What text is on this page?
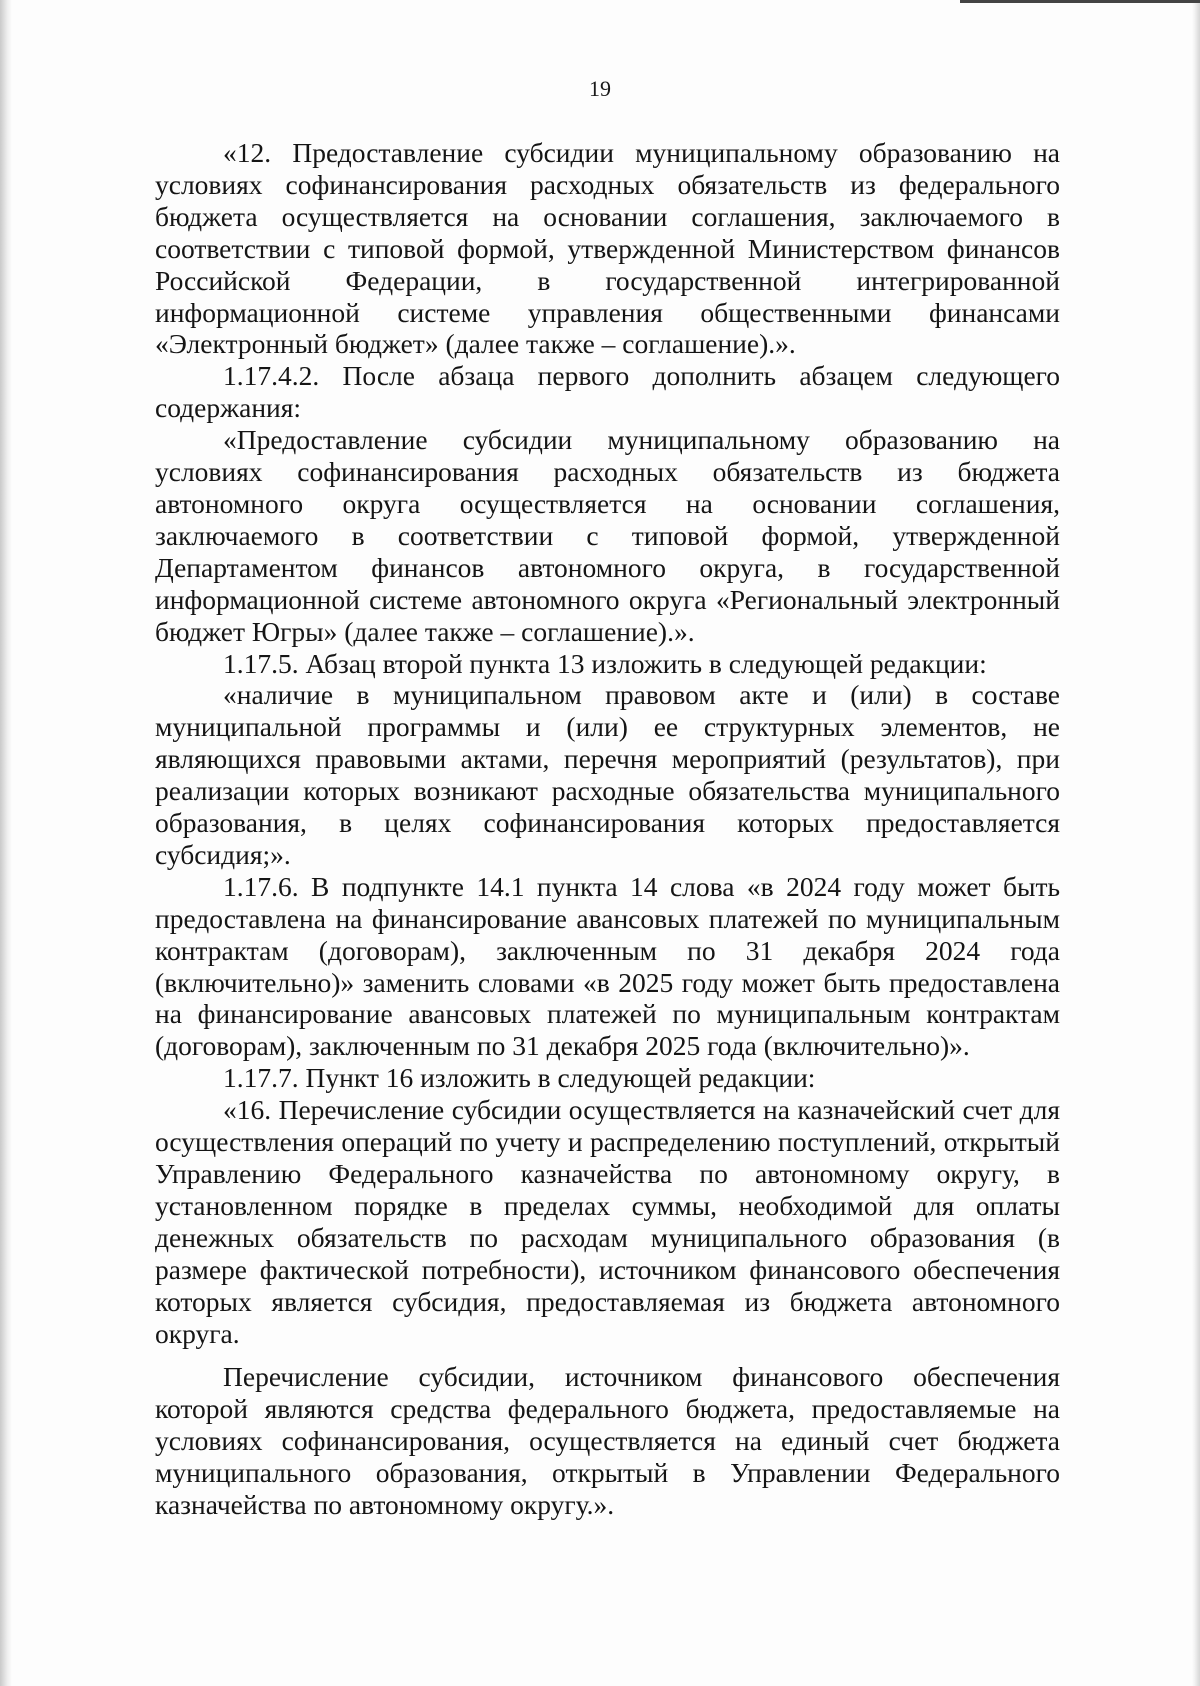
19

«12. Предоставление субсидии муниципальному образованию на условиях софинансирования расходных обязательств из федерального бюджета осуществляется на основании соглашения, заключаемого в соответствии с типовой формой, утвержденной Министерством финансов Российской Федерации, в государственной интегрированной информационной системе управления общественными финансами «Электронный бюджет» (далее также – соглашение).».

1.17.4.2. После абзаца первого дополнить абзацем следующего содержания:

«Предоставление субсидии муниципальному образованию на условиях софинансирования расходных обязательств из бюджета автономного округа осуществляется на основании соглашения, заключаемого в соответствии с типовой формой, утвержденной Департаментом финансов автономного округа, в государственной информационной системе автономного округа «Региональный электронный бюджет Югры» (далее также – соглашение).».

1.17.5. Абзац второй пункта 13 изложить в следующей редакции:

«наличие в муниципальном правовом акте и (или) в составе муниципальной программы и (или) ее структурных элементов, не являющихся правовыми актами, перечня мероприятий (результатов), при реализации которых возникают расходные обязательства муниципального образования, в целях софинансирования которых предоставляется субсидия;».

1.17.6. В подпункте 14.1 пункта 14 слова «в 2024 году может быть предоставлена на финансирование авансовых платежей по муниципальным контрактам (договорам), заключенным по 31 декабря 2024 года (включительно)» заменить словами «в 2025 году может быть предоставлена на финансирование авансовых платежей по муниципальным контрактам (договорам), заключенным по 31 декабря 2025 года (включительно)».

1.17.7. Пункт 16 изложить в следующей редакции:

«16. Перечисление субсидии осуществляется на казначейский счет для осуществления операций по учету и распределению поступлений, открытый Управлению Федерального казначейства по автономному округу, в установленном порядке в пределах суммы, необходимой для оплаты денежных обязательств по расходам муниципального образования (в размере фактической потребности), источником финансового обеспечения которых является субсидия, предоставляемая из бюджета автономного округа.

Перечисление субсидии, источником финансового обеспечения которой являются средства федерального бюджета, предоставляемые на условиях софинансирования, осуществляется на единый счет бюджета муниципального образования, открытый в Управлении Федерального казначейства по автономному округу.».
